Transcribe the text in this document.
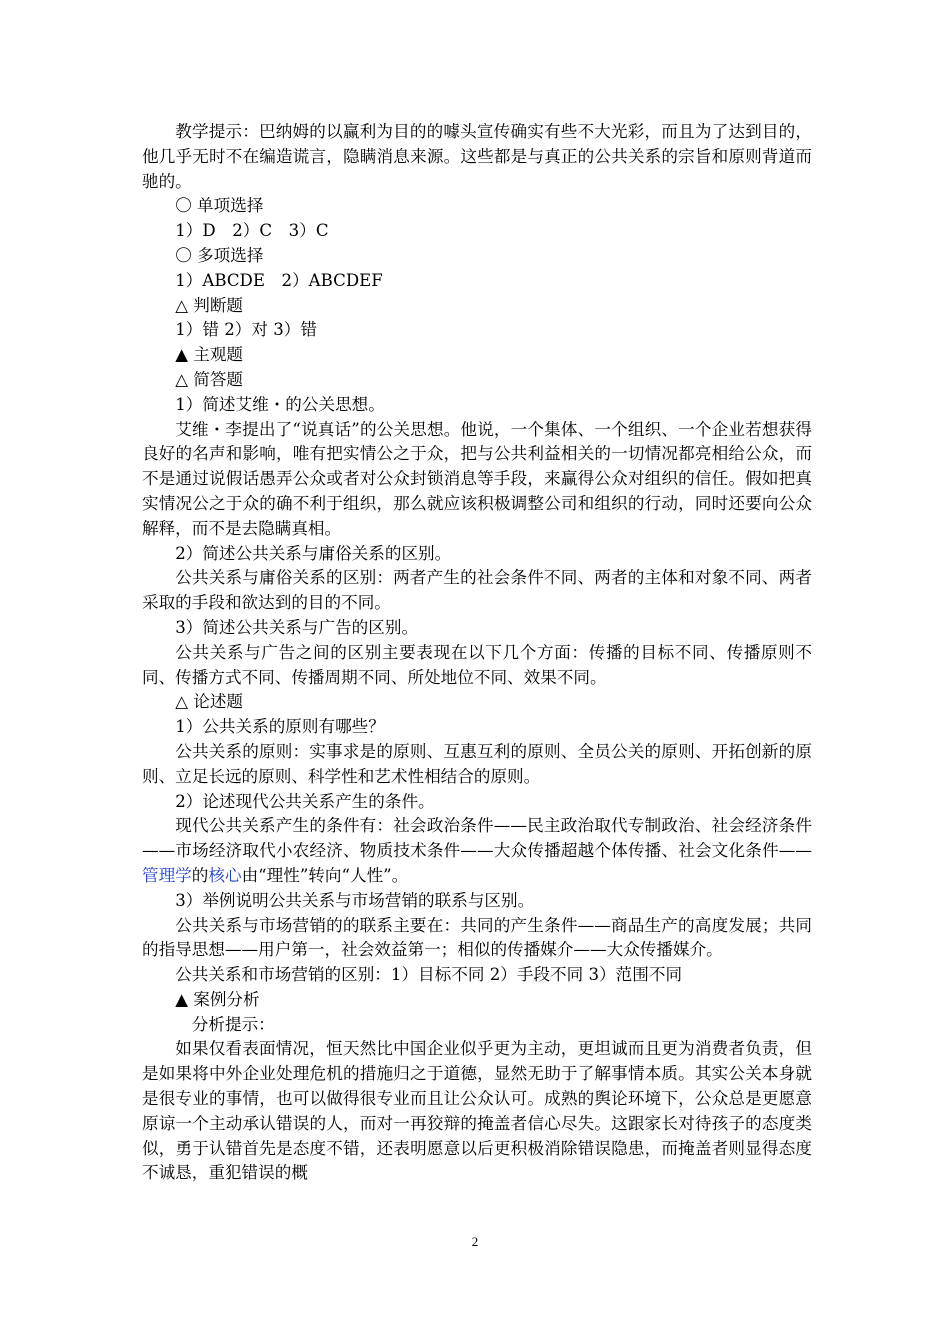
教学提示：巴纳姆的以赢利为目的的噱头宣传确实有些不大光彩，而且为了达到目的，他几乎无时不在编造谎言，隐瞒消息来源。这些都是与真正的公共关系的宗旨和原则背道而驰的。

〇 单项选择

1）D　2）C　3）C

〇 多项选择

1）ABCDE　2）ABCDEF

△ 判断题

1）错 2）对 3）错

▲ 主观题

△ 简答题

1）简述艾维・的公关思想。

艾维・李提出了“说真话”的公关思想。他说，一个集体、一个组织、一个企业若想获得良好的名声和影响，唯有把实情公之于众，把与公共利益相关的一切情况都亮相给公众，而不是通过说假话愚弄公众或者对公众封锁消息等手段，来赢得公众对组织的信任。假如把真实情况公之于众的确不利于组织，那么就应该积极调整公司和组织的行动，同时还要向公众解释，而不是去隐瞒真相。

2）简述公共关系与庸俗关系的区别。

公共关系与庸俗关系的区别：两者产生的社会条件不同、两者的主体和对象不同、两者采取的手段和欲达到的目的不同。

3）简述公共关系与广告的区别。

公共关系与广告之间的区别主要表现在以下几个方面：传播的目标不同、传播原则不同、传播方式不同、传播周期不同、所处地位不同、效果不同。

△ 论述题

1）公共关系的原则有哪些？

公共关系的原则：实事求是的原则、互惠互利的原则、全员公关的原则、开拓创新的原则、立足长远的原则、科学性和艺术性相结合的原则。

2）论述现代公共关系产生的条件。

现代公共关系产生的条件有：社会政治条件——民主政治取代专制政治、社会经济条件——市场经济取代小农经济、物质技术条件——大众传播超越个体传播、社会文化条件——管理学的核心由“理性”转向“人性”。

3）举例说明公共关系与市场营销的联系与区别。

公共关系与市场营销的的联系主要在：共同的产生条件——商品生产的高度发展；共同的指导思想——用户第一，社会效益第一；相似的传播媒介——大众传播媒介。

公共关系和市场营销的区别：1）目标不同 2）手段不同 3）范围不同

▲ 案例分析

分析提示：

如果仅看表面情况，恒天然比中国企业似乎更为主动，更坦诚而且更为消费者负责，但是如果将中外企业处理危机的措施归之于道德，显然无助于了解事情本质。其实公关本身就是很专业的事情，也可以做得很专业而且让公众认可。成熟的舆论环境下，公众总是更愿意原谅一个主动承认错误的人，而对一再狡辩的掩盖者信心尽失。这跟家长对待孩子的态度类似，勇于认错首先是态度不错，还表明愿意以后更积极消除错误隐患，而掩盖者则显得态度不诚恳，重犯错误的概

2
